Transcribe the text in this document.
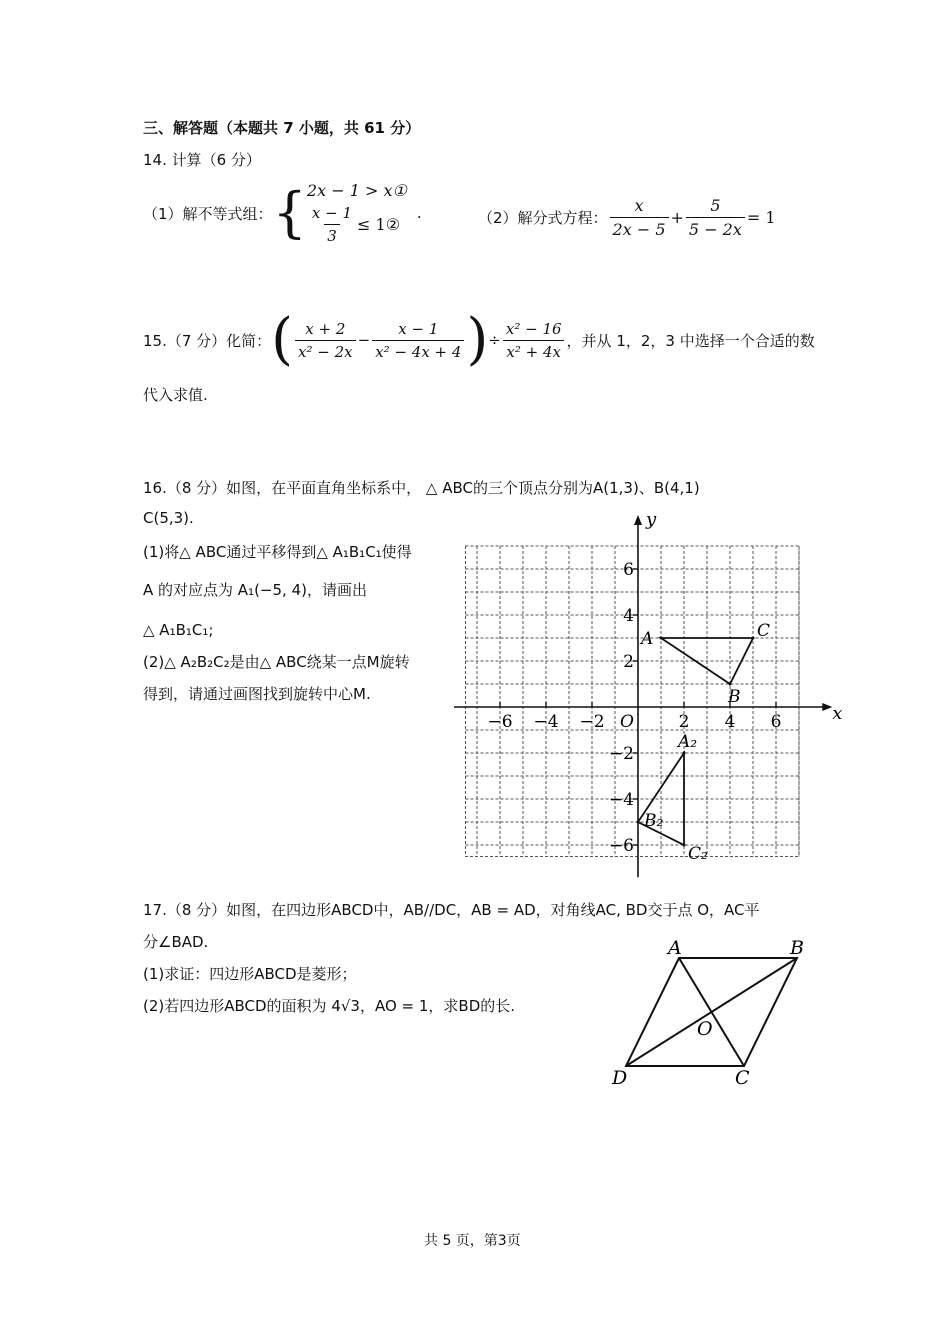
三、解答题（本题共 7 小题，共 61 分）
14. 计算（6 分）
（1）解不等式组： { 2x − 1 > x①
$\frac{x - 1}{3}$ ≤ 1②
.	（2）解分式方程： $\frac{x}{2x - 5} + \frac{5}{5 - 2x} = 1$
15.（7 分）化简： ( $\frac{x + 2}{\text{x² − 2x}} - \frac{x - 1}{\text{x² − 4x + 4}}$ ) ÷ $\frac{\text{x² − 16}}{\text{x² + 4x}}$ ，并从 1，2，3 中选择一个合适的数
代入求值.
16.（8 分）如图，在平面直角坐标系中， △ ABC的三个顶点分别为A(1,3)、B(4,1)
C(5,3).
(1)将△ ABC通过平移得到△ A₁B₁C₁使得
A 的对应点为 A₁(−5, 4)，请画出
△ A₁B₁C₁;
(2)△ A₂B₂C₂是由△ ABC绕某一点M旋转
得到，请通过画图找到旋转中心M.
x
y
O
−6 −4 −2	2 4 6
−6
−4
−2
2
4
6
A
B
C
A₂
B₂
C₂
17.（8 分）如图，在四边形ABCD中，AB//DC，AB = AD，对角线AC, BD交于点 O，AC平
分∠BAD.
(1)求证：四边形ABCD是菱形；
(2)若四边形ABCD的面积为 4√3，AO = 1，求BD的长.
A	B
C
D
O
共 5 页，第3页
